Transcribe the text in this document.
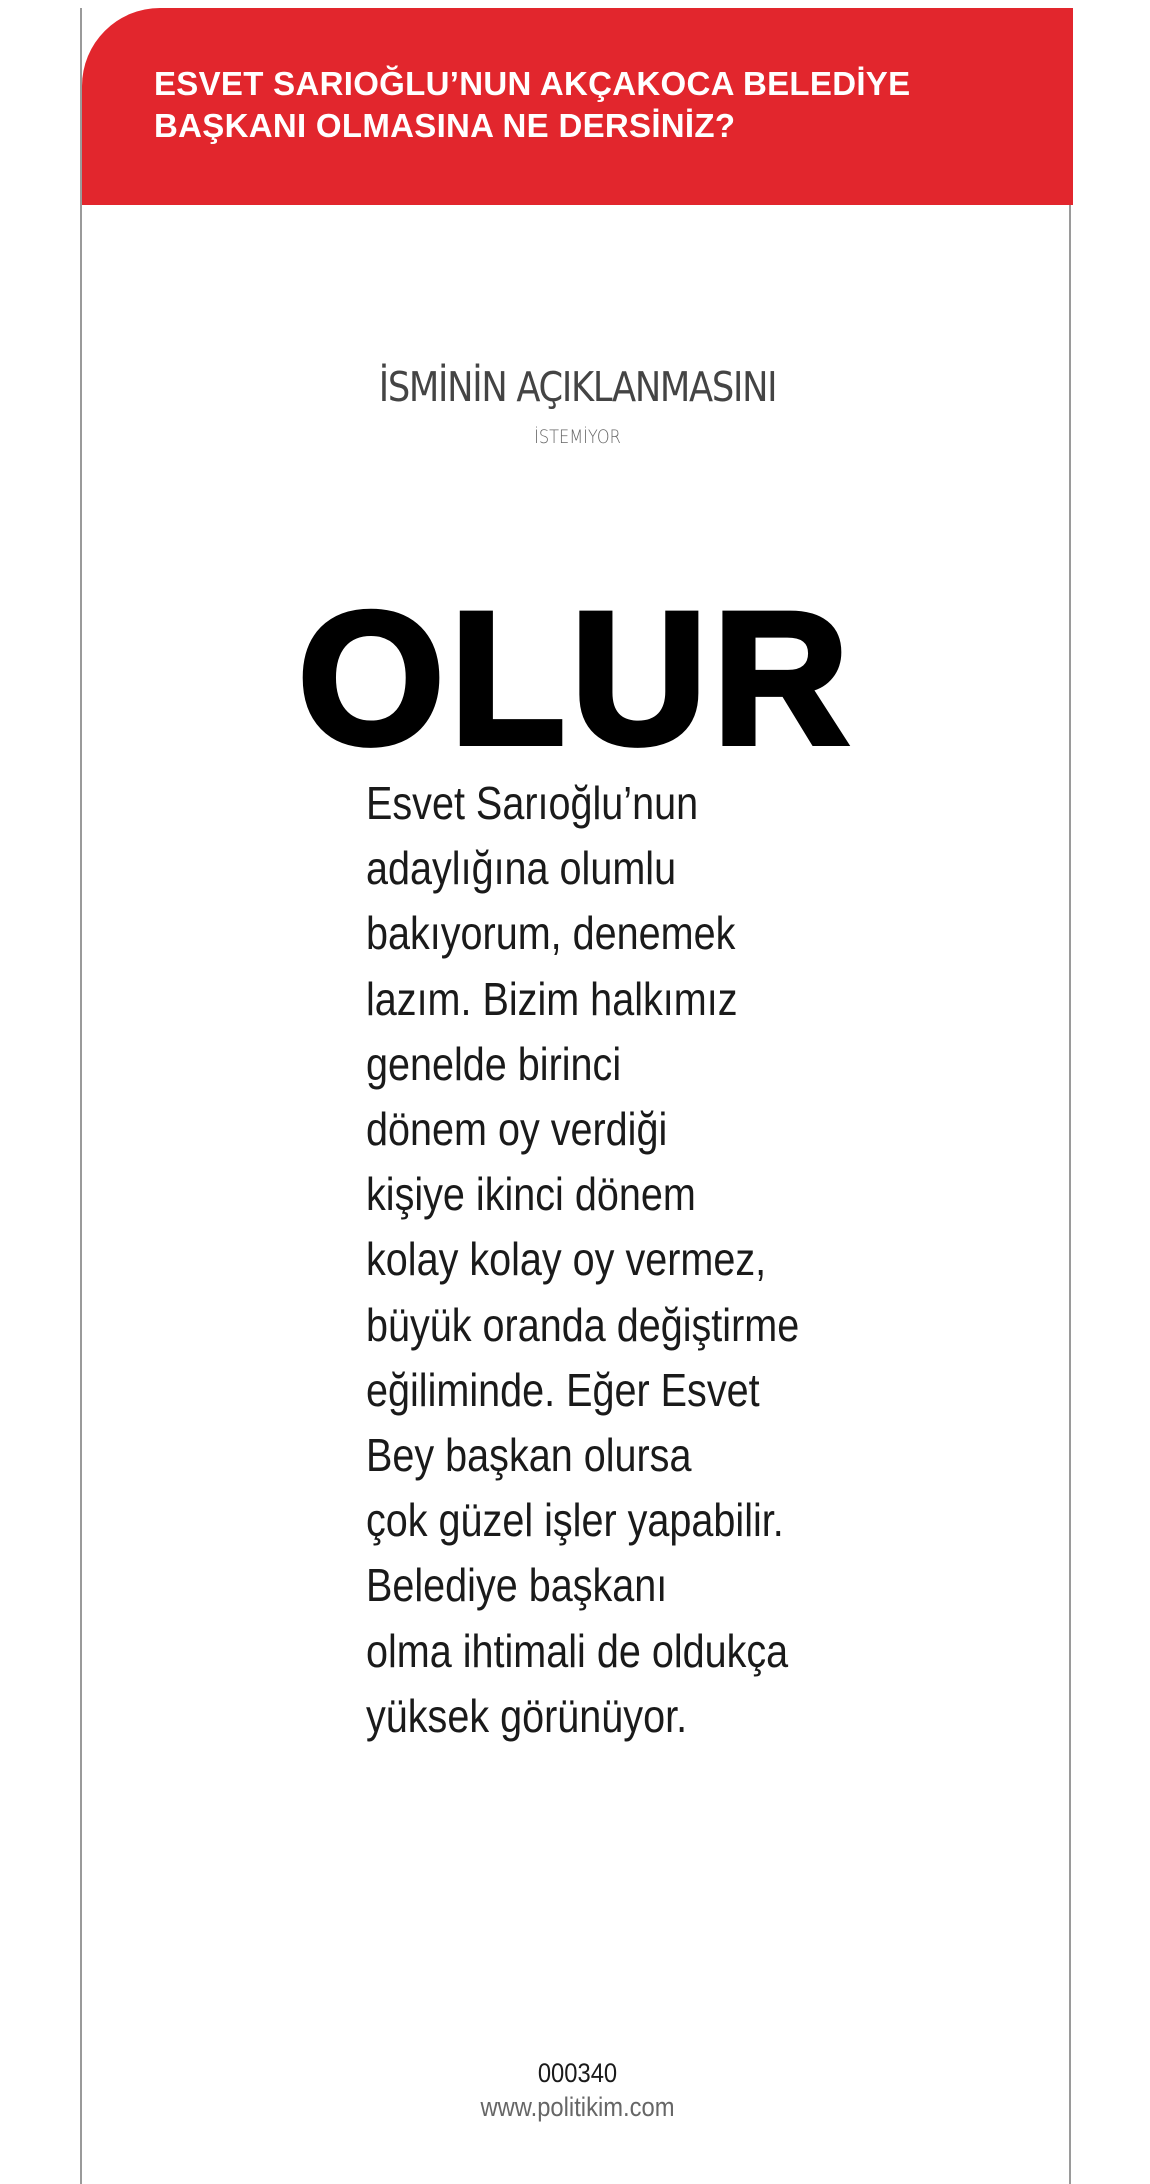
ESVET SARIOĞLU’NUN AKÇAKOCA BELEDİYE
BAŞKANI OLMASINA NE DERSİNİZ?
İSMİNİN AÇIKLANMASINI
İSTEMİYOR
OLUR
Esvet Sarıoğlu’nun
adaylığına olumlu
bakıyorum, denemek
lazım. Bizim halkımız
genelde birinci
dönem oy verdiği
kişiye ikinci dönem
kolay kolay oy vermez,
büyük oranda değiştirme
eğiliminde. Eğer Esvet
Bey başkan olursa
çok güzel işler yapabilir.
Belediye başkanı
olma ihtimali de oldukça
yüksek görünüyor.
000340
www.politikim.com
